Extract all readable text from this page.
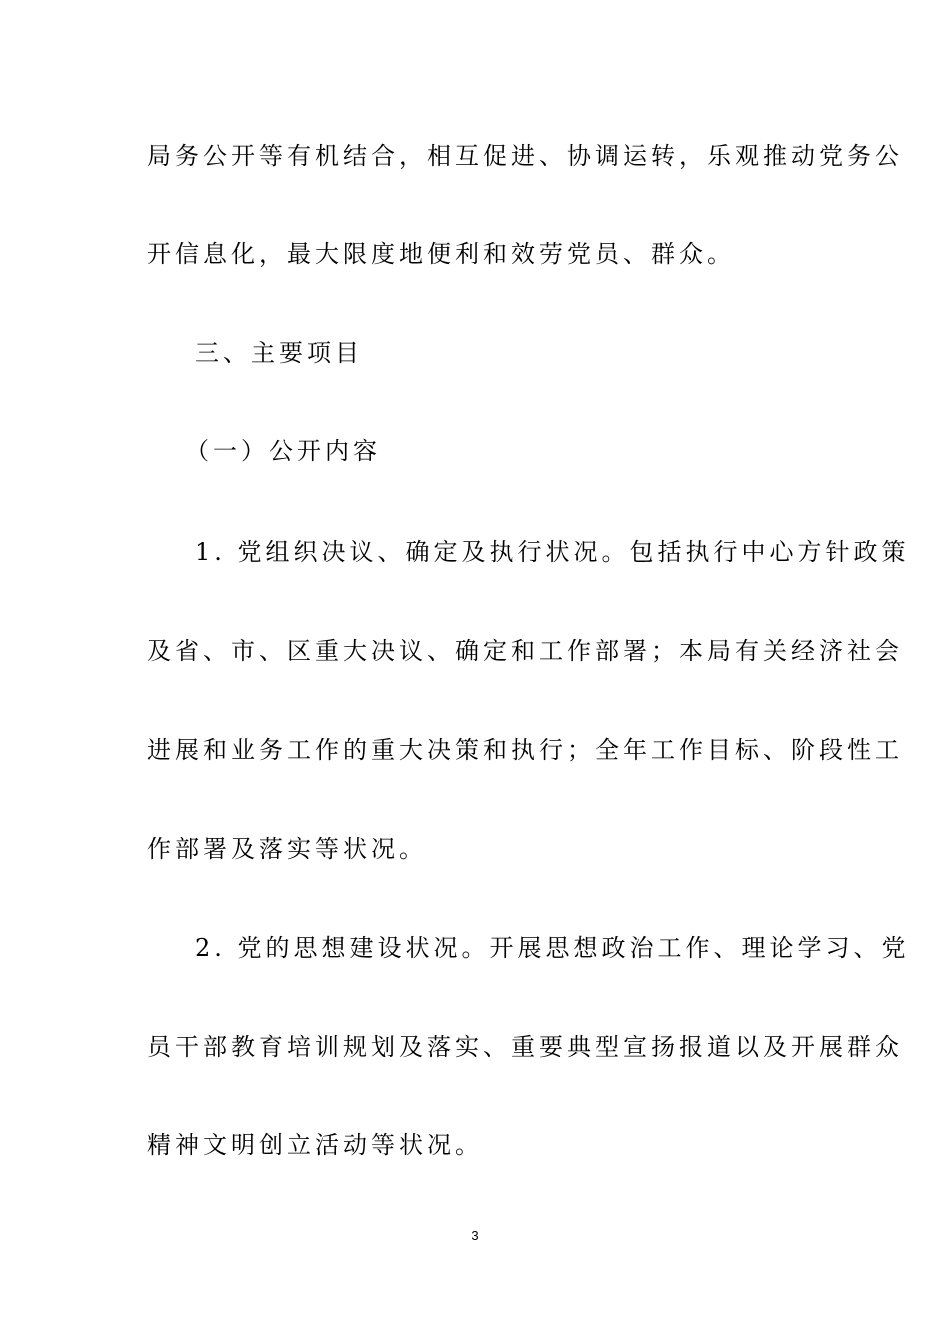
局务公开等有机结合，相互促进、协调运转，乐观推动党务公
开信息化，最大限度地便利和效劳党员、群众。
三、主要项目
（一）公开内容
1. 党组织决议、确定及执行状况。包括执行中心方针政策
及省、市、区重大决议、确定和工作部署；本局有关经济社会
进展和业务工作的重大决策和执行；全年工作目标、阶段性工
作部署及落实等状况。
2. 党的思想建设状况。开展思想政治工作、理论学习、党
员干部教育培训规划及落实、重要典型宣扬报道以及开展群众
精神文明创立活动等状况。
3
